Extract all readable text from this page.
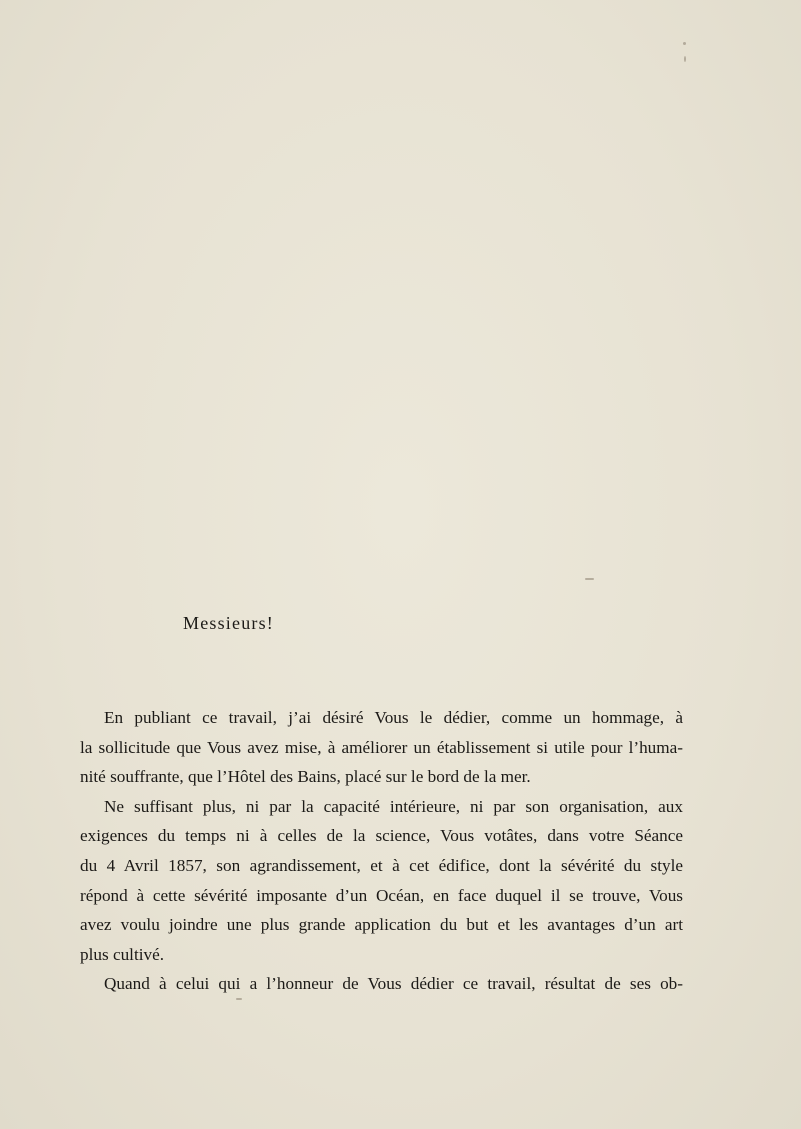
Messieurs!
En publiant ce travail, j’ai désiré Vous le dédier, comme un hommage, à
la sollicitude que Vous avez mise, à améliorer un établissement si utile pour l’huma-
nité souffrante, que l’Hôtel des Bains, placé sur le bord de la mer.
Ne suffisant plus, ni par la capacité intérieure, ni par son organisation, aux
exigences du temps ni à celles de la science, Vous votâtes, dans votre Séance
du 4 Avril 1857, son agrandissement, et à cet édifice, dont la sévérité du style
répond à cette sévérité imposante d’un Océan, en face duquel il se trouve, Vous
avez voulu joindre une plus grande application du but et les avantages d’un art
plus cultivé.
Quand à celui qui a l’honneur de Vous dédier ce travail, résultat de ses ob-
